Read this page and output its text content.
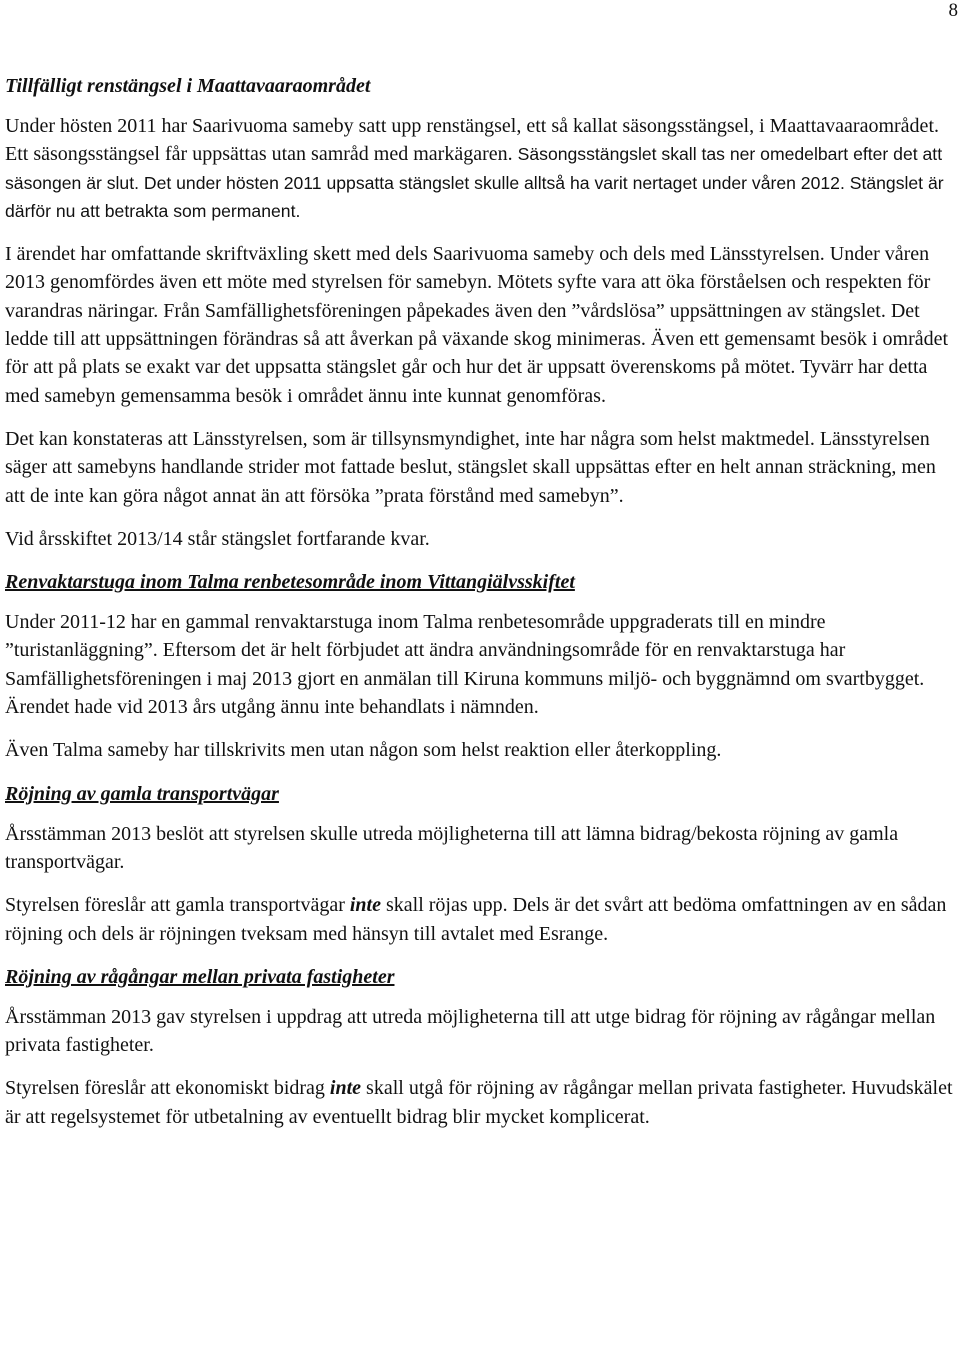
8
Tillfälligt renstängsel i Maattavaaraområdet

Under hösten 2011 har Saarivuoma sameby satt upp renstängsel, ett så kallat säsongsstängsel, i Maattavaaraområdet. Ett säsongsstängsel får uppsättas utan samråd med markägaren. Säsongsstängslet skall tas ner omedelbart efter det att säsongen är slut. Det under hösten 2011 uppsatta stängslet skulle alltså ha varit nertaget under våren 2012. Stängslet är därför nu att betrakta som permanent.

I ärendet har omfattande skriftväxling skett med dels Saarivuoma sameby och dels med Länsstyrelsen. Under våren 2013 genomfördes även ett möte med styrelsen för samebyn. Mötets syfte vara att öka förståelsen och respekten för varandras näringar. Från Samfällighetsföreningen påpekades även den ”vårdslösa” uppsättningen av stängslet. Det ledde till att uppsättningen förändras så att åverkan på växande skog minimeras. Även ett gemensamt besök i området för att på plats se exakt var det uppsatta stängslet går och hur det är uppsatt överenskoms på mötet. Tyvärr har detta med samebyn gemensamma besök i området ännu inte kunnat genomföras.

Det kan konstateras att Länsstyrelsen, som är tillsynsmyndighet, inte har några som helst maktmedel. Länsstyrelsen säger att samebyns handlande strider mot fattade beslut, stängslet skall uppsättas efter en helt annan sträckning, men att de inte kan göra något annat än att försöka ”prata förstånd med samebyn”.

Vid årsskiftet 2013/14 står stängslet fortfarande kvar.

Renvaktarstuga inom Talma renbetesområde inom Vittangiälvsskiftet

Under 2011-12 har en gammal renvaktarstuga inom Talma renbetesområde uppgraderats till en mindre ”turistanläggning”. Eftersom det är helt förbjudet att ändra användningsområde för en renvaktarstuga har Samfällighetsföreningen i maj 2013 gjort en anmälan till Kiruna kommuns miljö- och byggnämnd om svartbygget. Ärendet hade vid 2013 års utgång ännu inte behandlats i nämnden.

Även Talma sameby har tillskrivits men utan någon som helst reaktion eller återkoppling.

Röjning av gamla transportvägar

Årsstämman 2013 beslöt att styrelsen skulle utreda möjligheterna till att lämna bidrag/bekosta röjning av gamla transportvägar.

Styrelsen föreslår att gamla transportvägar inte skall röjas upp. Dels är det svårt att bedöma omfattningen av en sådan röjning och dels är röjningen tveksam med hänsyn till avtalet med Esrange.

Röjning av rågångar mellan privata fastigheter

Årsstämman 2013 gav styrelsen i uppdrag att utreda möjligheterna till att utge bidrag för röjning av rågångar mellan privata fastigheter.

Styrelsen föreslår att ekonomiskt bidrag inte skall utgå för röjning av rågångar mellan privata fastigheter. Huvudskälet är att regelsystemet för utbetalning av eventuellt bidrag blir mycket komplicerat.
